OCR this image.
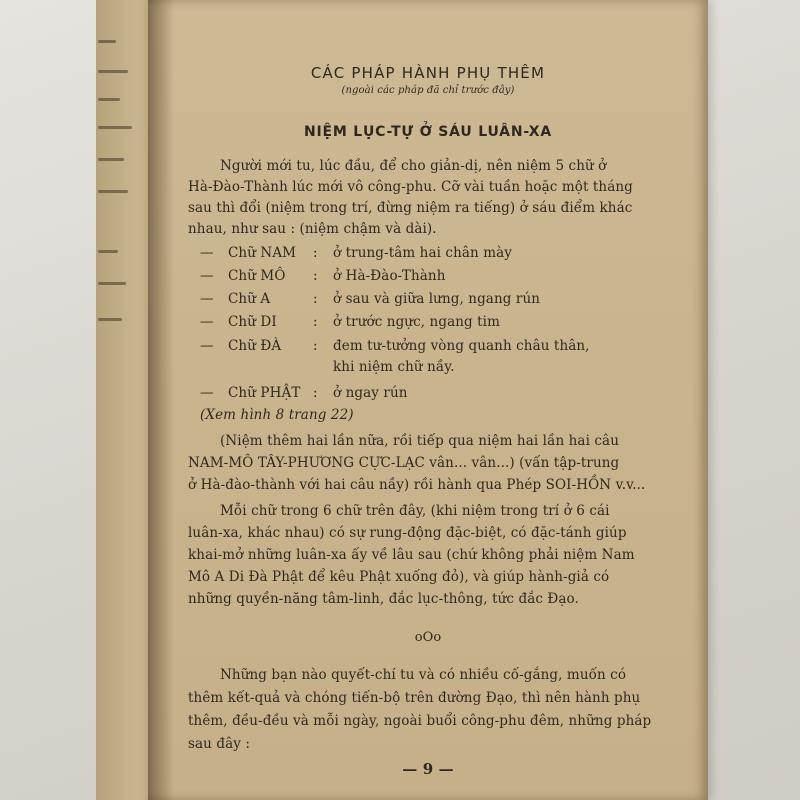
CÁC PHÁP HÀNH PHỤ THÊM
(ngoài các pháp đã chỉ trước đây)
NIỆM LỤC-TỰ Ở SÁU LUÂN-XA
Người mới tu, lúc đầu, để cho giản-dị, nên niệm 5 chữ ở
Hà-Đào-Thành lúc mới vô công-phu. Cỡ vài tuần hoặc một tháng
sau thì đổi (niệm trong trí, đừng niệm ra tiếng) ở sáu điểm khác
nhau, như sau : (niệm chậm và dài).
— Chữ NAM : ở trung-tâm hai chân mày
— Chữ MÔ : ở Hà-Đào-Thành
— Chữ A	: ở sau và giữa lưng, ngang rún
— Chữ DI	: ở trước ngực, ngang tim
— Chữ ĐÀ : đem tư-tưởng vòng quanh châu thân,
khi niệm chữ nầy.
— Chữ PHẬT : ở ngay rún
(Xem hình 8 trang 22)
(Niệm thêm hai lần nữa, rồi tiếp qua niệm hai lần hai câu
NAM-MÔ TÂY-PHƯƠNG CỰC-LẠC vân... vân...) (vấn tập-trung
ở Hà-đào-thành với hai câu nầy) rồi hành qua Phép SOI-HỒN v.v...
Mỗi chữ trong 6 chữ trên đây, (khi niệm trong trí ở 6 cái
luân-xa, khác nhau) có sự rung-động đặc-biệt, có đặc-tánh giúp
khai-mở những luân-xa ấy về lâu sau (chứ không phải niệm Nam
Mô A Di Đà Phật để kêu Phật xuống đỏ), và giúp hành-giả có
những quyền-năng tâm-linh, đắc lục-thông, tức đắc Đạo.
oOo
Những bạn nào quyết-chí tu và có nhiều cố-gắng, muốn có
thêm kết-quả và chóng tiến-bộ trên đường Đạo, thì nên hành phụ
thêm, đều-đều và mỗi ngày, ngoài buổi công-phu đêm, những pháp
sau đây :
— 9 —
